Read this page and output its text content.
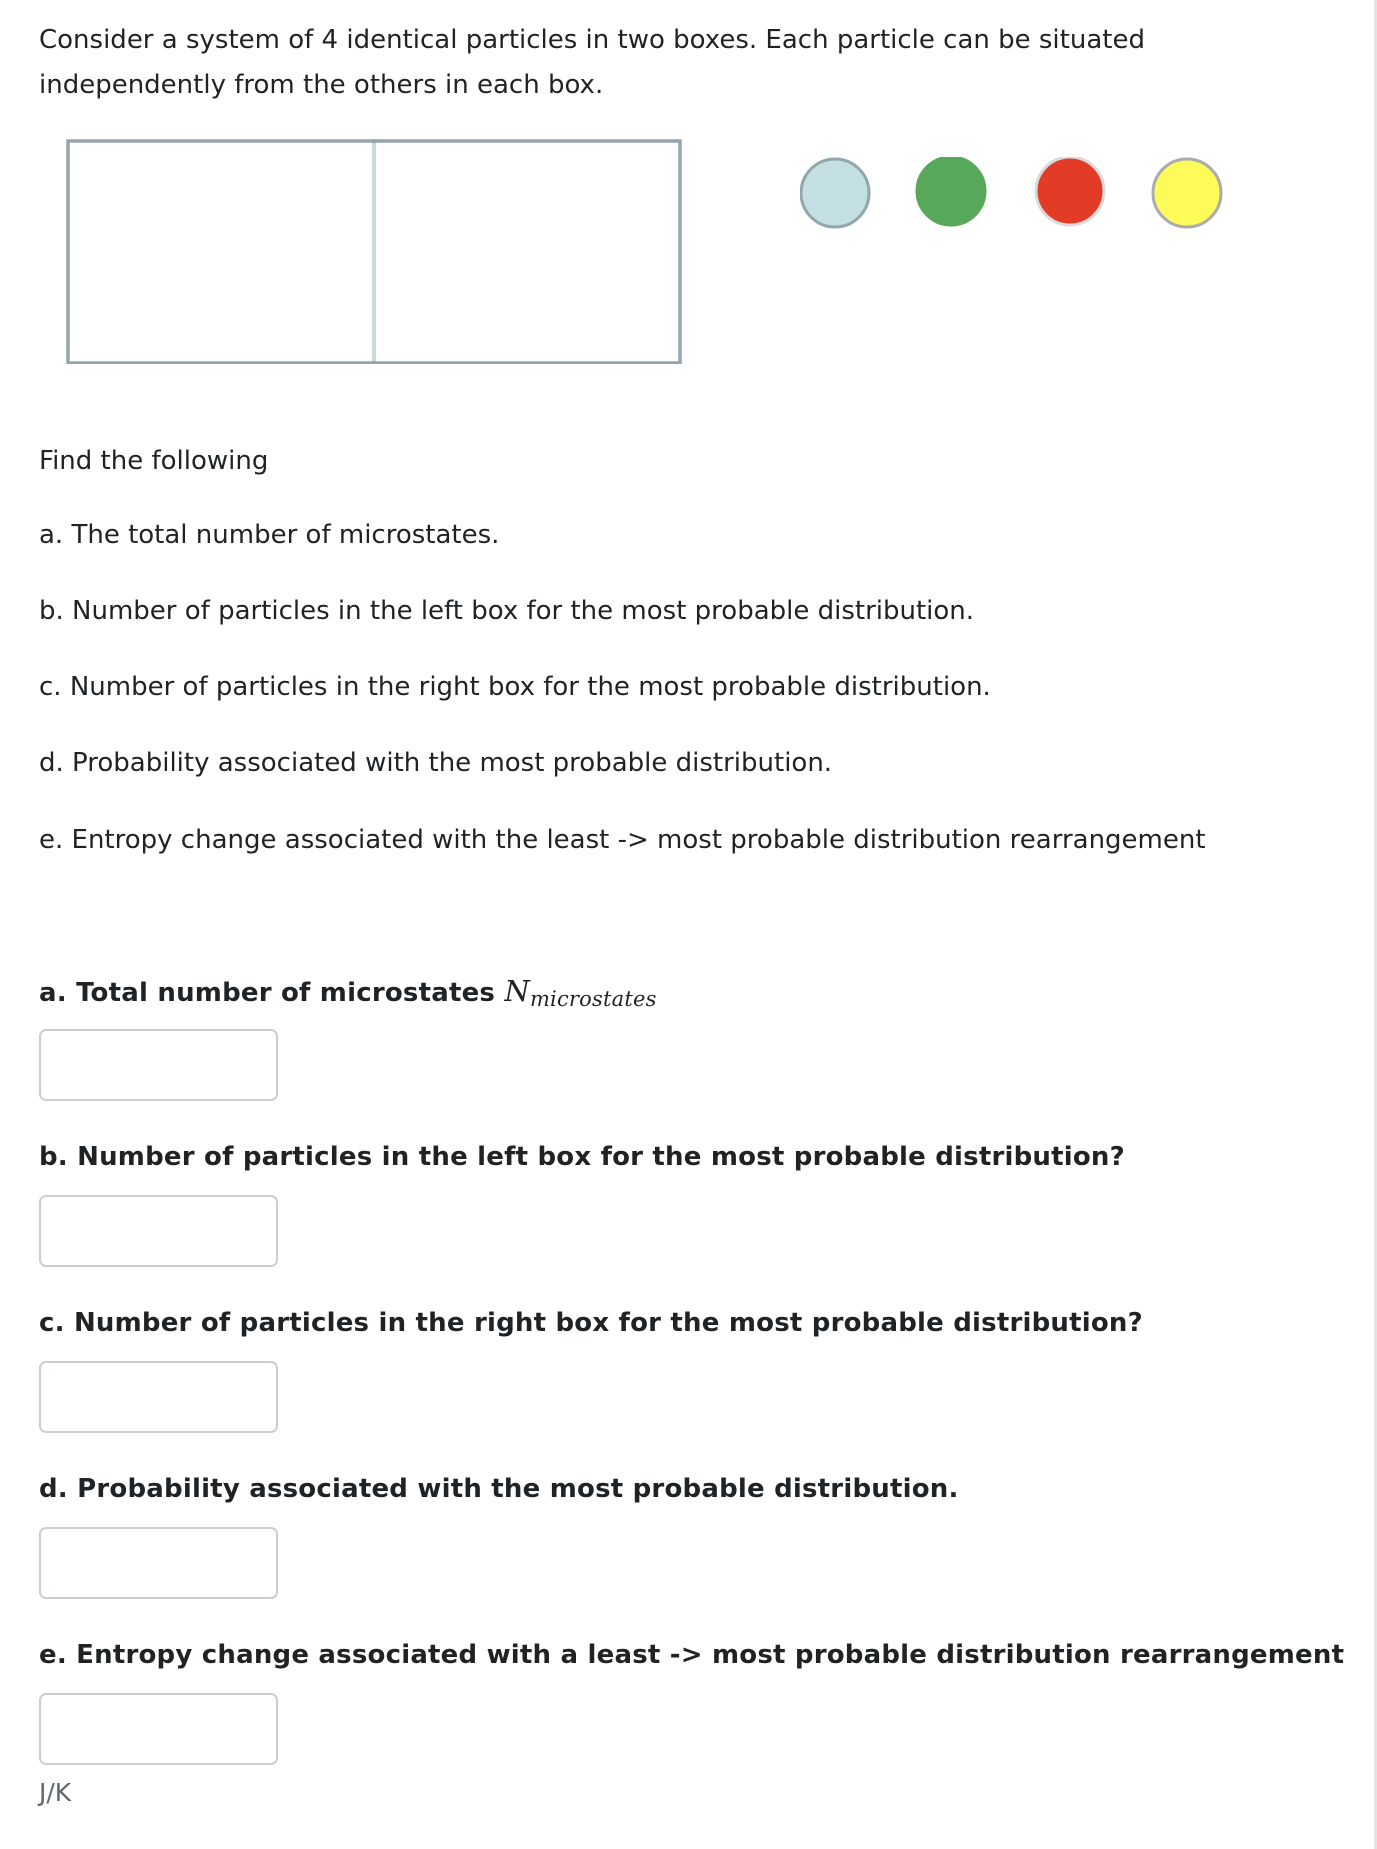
Consider a system of 4 identical particles in two boxes. Each particle can be situated independently from the others in each box.

Find the following

a. The total number of microstates.

b. Number of particles in the left box for the most probable distribution.

c. Number of particles in the right box for the most probable distribution.

d. Probability associated with the most probable distribution.

e. Entropy change associated with the least -> most probable distribution rearrangement

a. Total number of microstates Nmicrostates

b. Number of particles in the left box for the most probable distribution?

c. Number of particles in the right box for the most probable distribution?

d. Probability associated with the most probable distribution.

e. Entropy change associated with a least -> most probable distribution rearrangement

J/K
